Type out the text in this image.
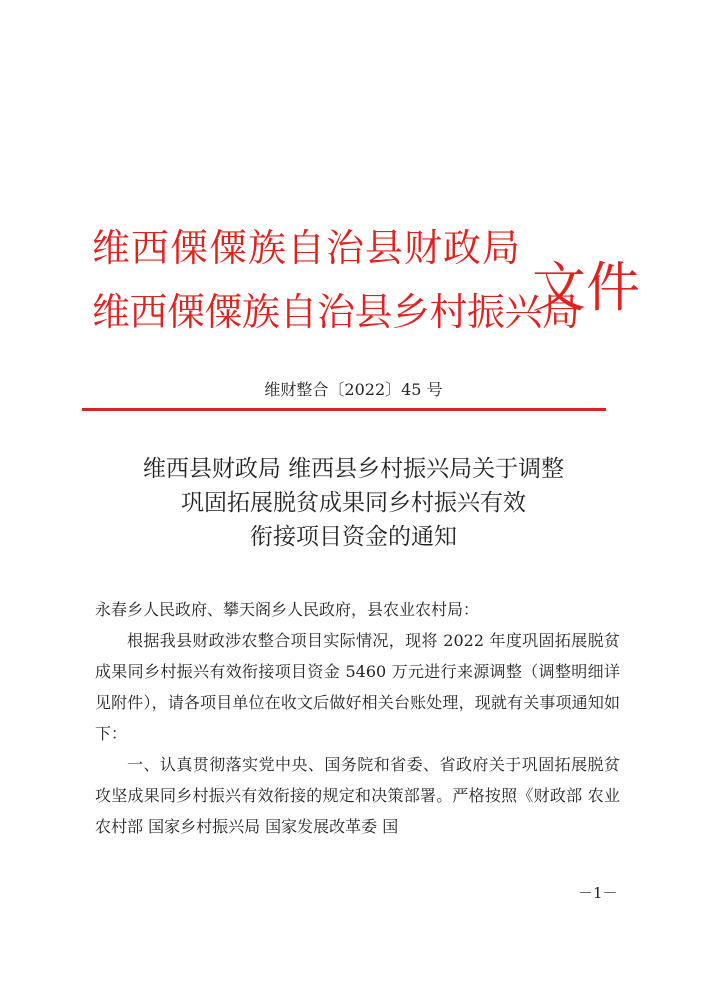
维西傈僳族自治县财政局
维西傈僳族自治县乡村振兴局
文件
维财整合〔2022〕45 号
维西县财政局 维西县乡村振兴局关于调整
巩固拓展脱贫成果同乡村振兴有效
衔接项目资金的通知

永春乡人民政府、攀天阁乡人民政府，县农业农村局：

根据我县财政涉农整合项目实际情况，现将 2022 年度巩固拓展脱贫成果同乡村振兴有效衔接项目资金 5460 万元进行来源调整（调整明细详见附件），请各项目单位在收文后做好相关台账处理，现就有关事项通知如下：

一、认真贯彻落实党中央、国务院和省委、省政府关于巩固拓展脱贫攻坚成果同乡村振兴有效衔接的规定和决策部署。严格按照《财政部 农业农村部 国家乡村振兴局 国家发展改革委 国

－1－
